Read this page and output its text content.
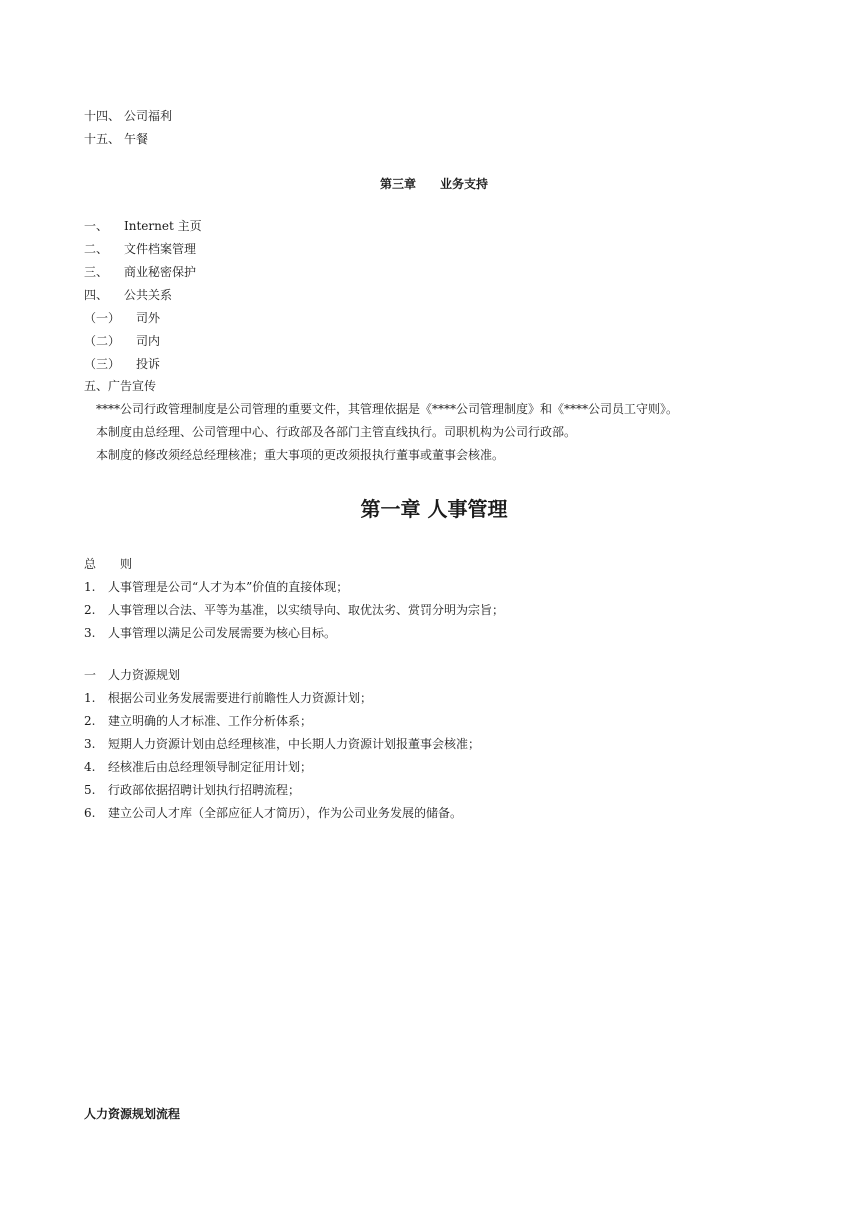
十四、 公司福利
十五、 午餐
第三章　　业务支持
一、 Internet 主页
二、 文件档案管理
三、 商业秘密保护
四、 公共关系
（一） 司外
（二） 司内
（三） 投诉
五、广告宣传
****公司行政管理制度是公司管理的重要文件，其管理依据是《****公司管理制度》和《****公司员工守则》。
本制度由总经理、公司管理中心、行政部及各部门主管直线执行。司职机构为公司行政部。
本制度的修改须经总经理核准；重大事项的更改须报执行董事或董事会核准。
第一章 人事管理
总　　则
1. 人事管理是公司“人才为本”价值的直接体现；
2. 人事管理以合法、平等为基准，以实绩导向、取优汰劣、赏罚分明为宗旨；
3. 人事管理以满足公司发展需要为核心目标。
一　人力资源规划
1. 根据公司业务发展需要进行前瞻性人力资源计划；
2. 建立明确的人才标准、工作分析体系；
3. 短期人力资源计划由总经理核准，中长期人力资源计划报董事会核准；
4. 经核准后由总经理领导制定征用计划；
5. 行政部依据招聘计划执行招聘流程；
6. 建立公司人才库（全部应征人才简历），作为公司业务发展的储备。
人力资源规划流程
